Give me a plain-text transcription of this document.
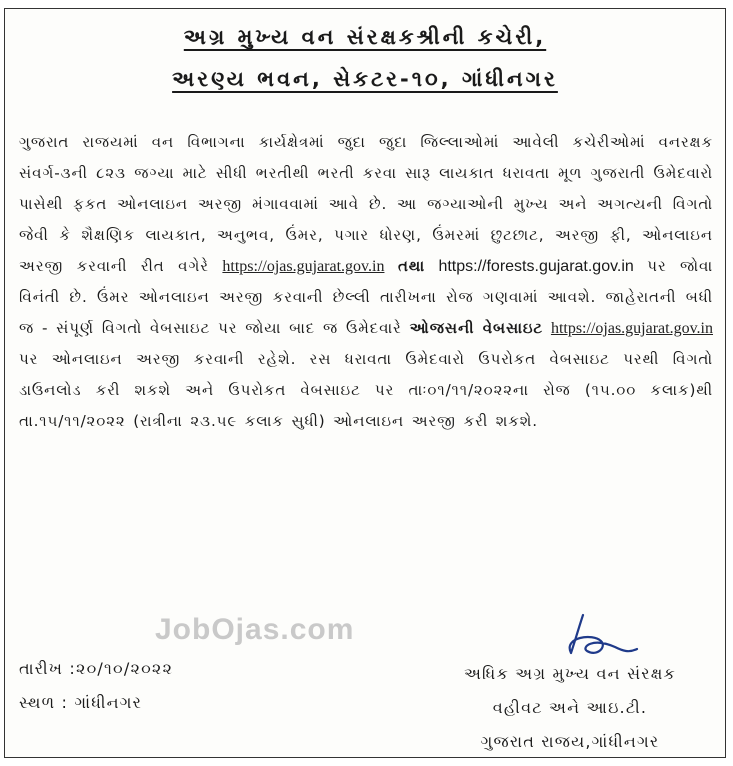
અગ્ર મુખ્ય વન સંરક્ષકશ્રીની કચેરી,
અરણ્ય ભવન, સેકટર-૧૦, ગાંધીનગર
ગુજરાત રાજયમાં વન વિભાગના કાર્યક્ષેત્રમાં જુદા જુદા જિલ્લાઓમાં આવેલી કચેરીઓમાં વનરક્ષક સંવર્ગ-૩ની ૮૨૩ જગ્યા માટે સીધી ભરતીથી ભરતી કરવા સારૂ લાયકાત ધરાવતા મૂળ ગુજરાતી ઉમેદવારો પાસેથી ફકત ઓનલાઇન અરજી મંગાવવામાં આવે છે. આ જગ્યાઓની મુખ્ય અને અગત્યની વિગતો જેવી કે શૈક્ષણિક લાયકાત, અનુભવ, ઉંમર, પગાર ધોરણ, ઉંમરમાં છુટછાટ, અરજી ફી, ઓનલાઇન અરજી કરવાની રીત વગેરે https://ojas.gujarat.gov.in તથા https://forests.gujarat.gov.in પર જોવા વિનંતી છે. ઉંમર ઓનલાઇન અરજી કરવાની છેલ્લી તારીખના રોજ ગણવામાં આવશે. જાહેરાતની બધી જ - સંપૂર્ણ વિગતો વેબસાઇટ પર જોયા બાદ જ ઉમેદવારે ઓજસની વેબસાઇટ https://ojas.gujarat.gov.in પર ઓનલાઇન અરજી કરવાની રહેશે. રસ ધરાવતા ઉમેદવારો ઉપરોકત વેબસાઇટ પરથી વિગતો ડાઉનલોડ કરી શકશે અને ઉપરોકત વેબસાઇટ પર તાઃ૦૧/૧૧/૨૦૨૨ના રોજ (૧૫.૦૦ કલાક)થી તા.૧૫/૧૧/૨૦૨૨ (રાત્રીના ૨૩.૫૯ કલાક સુધી) ઓનલાઇન અરજી કરી શકશે.
JobOjas.com
તારીખ :૨૦/૧૦/૨૦૨૨
સ્થળ : ગાંધીનગર
અધિક અગ્ર મુખ્ય વન સંરક્ષક
વહીવટ અને આઇ.ટી.
ગુજરાત રાજય,ગાંધીનગર
